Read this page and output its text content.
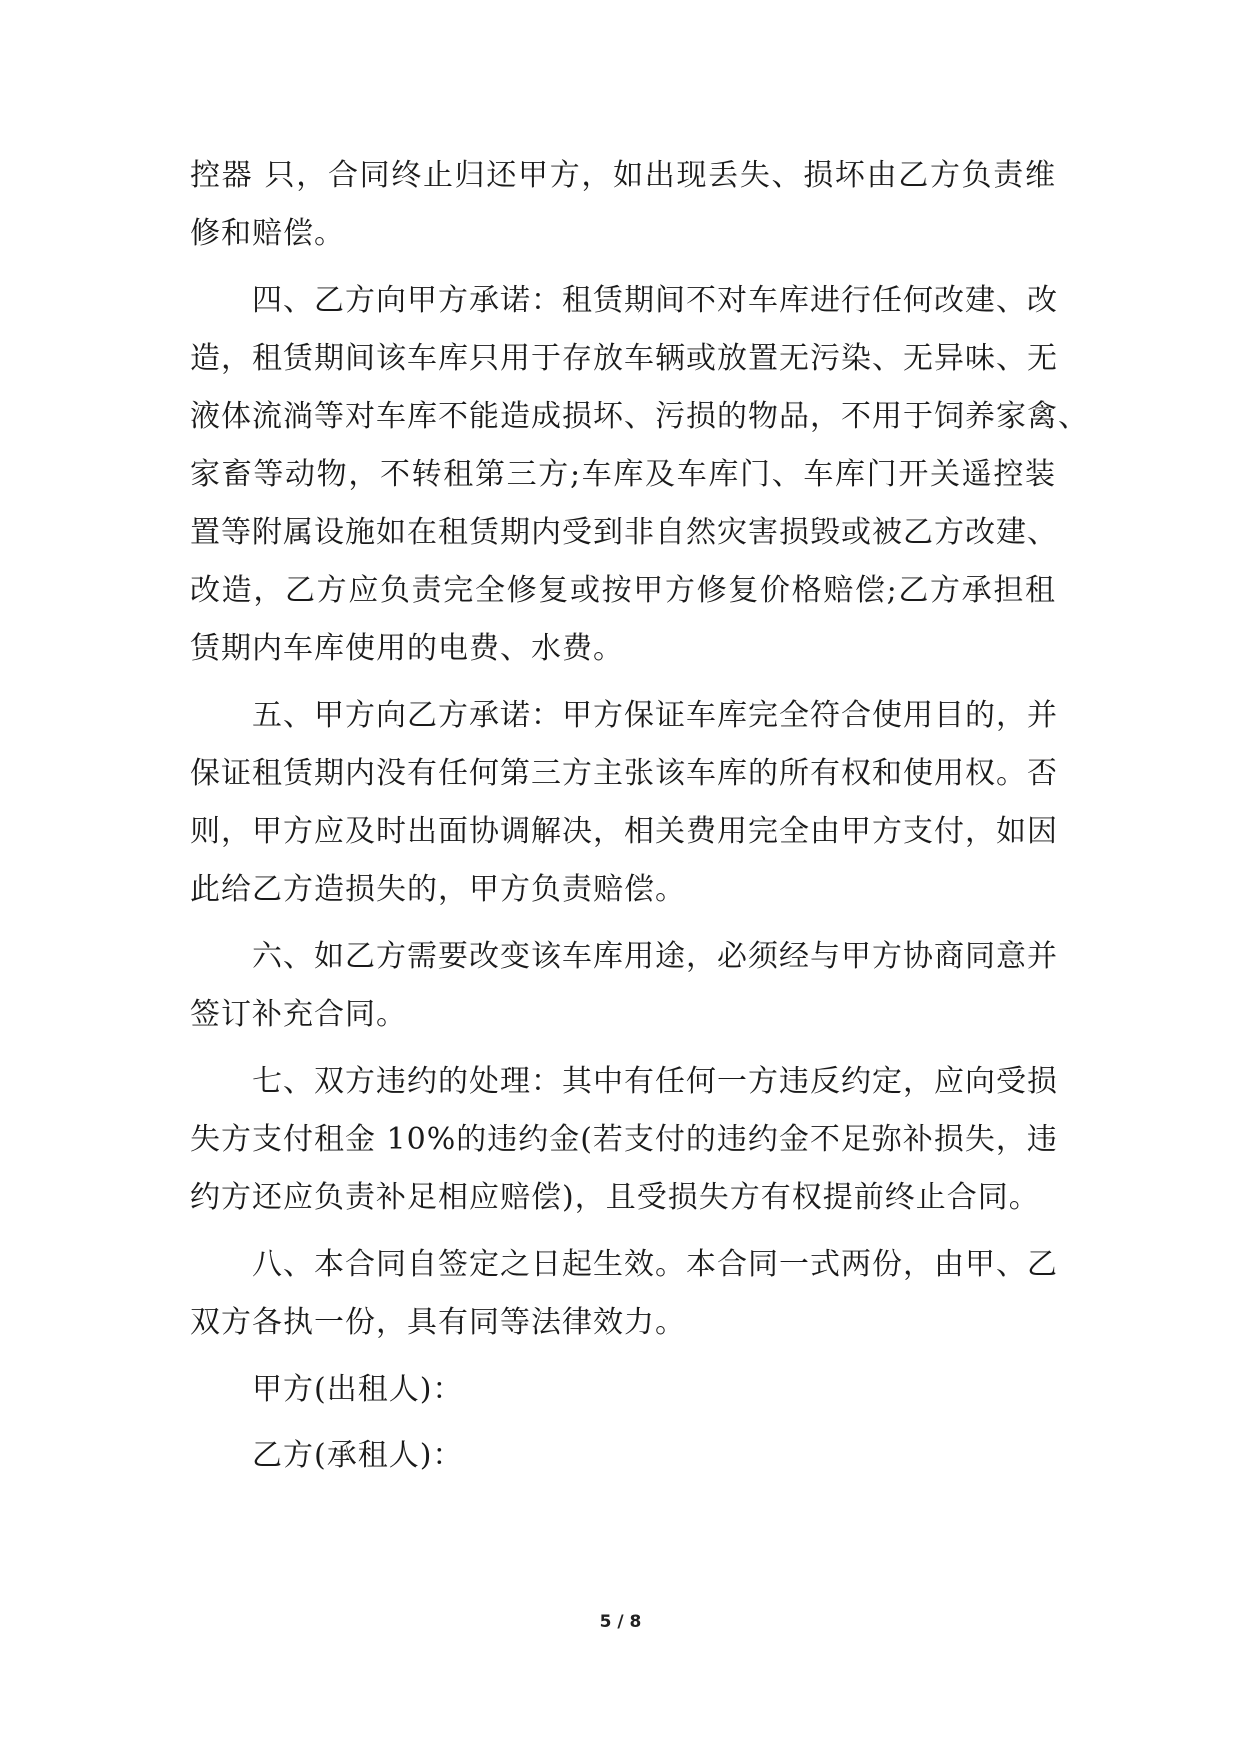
控器 只，合同终止归还甲方，如出现丢失、损坏由乙方负责维
修和赔偿。
四、乙方向甲方承诺：租赁期间不对车库进行任何改建、改
造，租赁期间该车库只用于存放车辆或放置无污染、无异味、无
液体流淌等对车库不能造成损坏、污损的物品，不用于饲养家禽、
家畜等动物，不转租第三方;车库及车库门、车库门开关遥控装
置等附属设施如在租赁期内受到非自然灾害损毁或被乙方改建、
改造，乙方应负责完全修复或按甲方修复价格赔偿;乙方承担租
赁期内车库使用的电费、水费。
五、甲方向乙方承诺：甲方保证车库完全符合使用目的，并
保证租赁期内没有任何第三方主张该车库的所有权和使用权。否
则，甲方应及时出面协调解决，相关费用完全由甲方支付，如因
此给乙方造损失的，甲方负责赔偿。
六、如乙方需要改变该车库用途，必须经与甲方协商同意并
签订补充合同。
七、双方违约的处理：其中有任何一方违反约定，应向受损
失方支付租金 10%的违约金(若支付的违约金不足弥补损失，违
约方还应负责补足相应赔偿)，且受损失方有权提前终止合同。
八、本合同自签定之日起生效。本合同一式两份，由甲、乙
双方各执一份，具有同等法律效力。
甲方(出租人)：
乙方(承租人)：
5 / 8
